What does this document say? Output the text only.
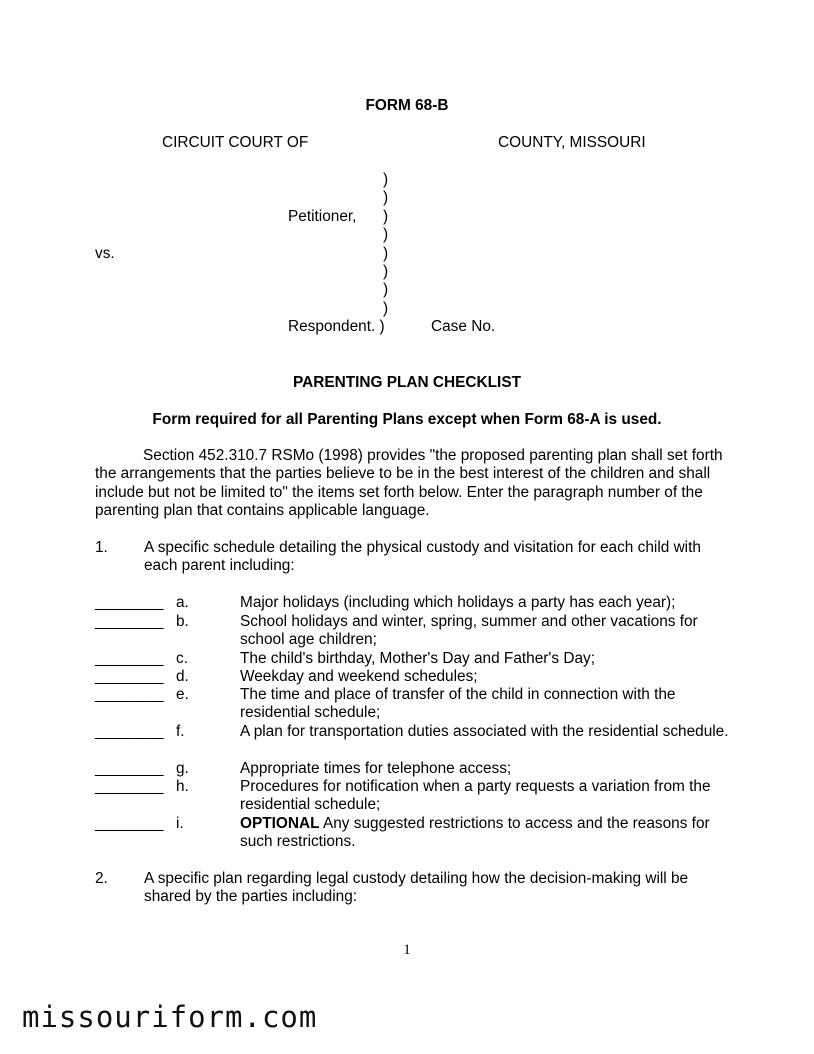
FORM 68-B
CIRCUIT COURT OF	COUNTY, MISSOURI
)
)
Petitioner, )
)
vs.	)
)
)
)
Respondent. )	Case No.
PARENTING PLAN CHECKLIST
Form required for all Parenting Plans except when Form 68-A is used.
Section 452.310.7 RSMo (1998) provides "the proposed parenting plan shall set forth the arrangements that the parties believe to be in the best interest of the children and shall include but not be limited to" the items set forth below. Enter the paragraph number of the parenting plan that contains applicable language.
1. A specific schedule detailing the physical custody and visitation for each child with each parent including:
________ a.	Major holidays (including which holidays a party has each year);
________ b.	School holidays and winter, spring, summer and other vacations for school age children;
________ c.	The child's birthday, Mother's Day and Father's Day;
________ d.	Weekday and weekend schedules;
________ e.	The time and place of transfer of the child in connection with the residential schedule;
________ f.	A plan for transportation duties associated with the residential schedule.
________ g.	Appropriate times for telephone access;
________ h.	Procedures for notification when a party requests a variation from the residential schedule;
________ i.	OPTIONAL Any suggested restrictions to access and the reasons for such restrictions.
2. A specific plan regarding legal custody detailing how the decision-making will be shared by the parties including:
1
missouriform.com
